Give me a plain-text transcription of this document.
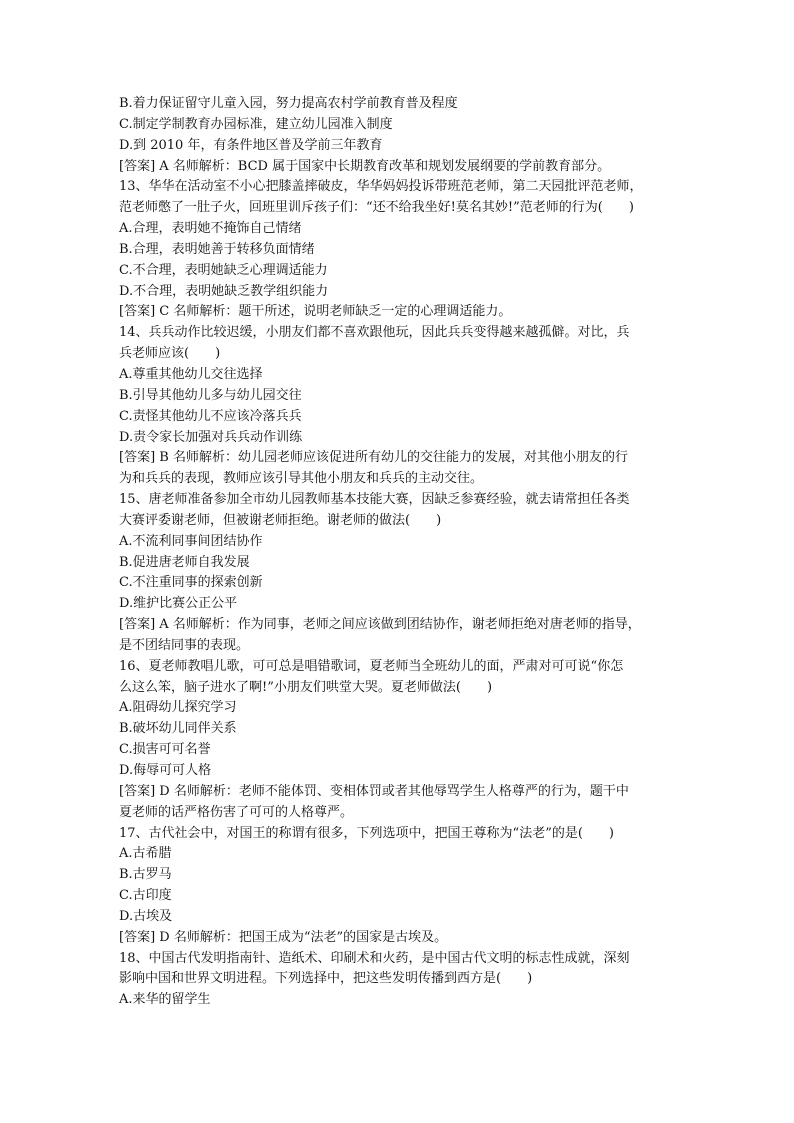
B.着力保证留守儿童入园，努力提高农村学前教育普及程度
C.制定学制教育办园标准，建立幼儿园准入制度
D.到 2010 年，有条件地区普及学前三年教育
[答案] A 名师解析：BCD 属于国家中长期教育改革和规划发展纲要的学前教育部分。
13、华华在活动室不小心把膝盖摔破皮，华华妈妈投诉带班范老师，第二天园批评范老师，
范老师憋了一肚子火，回班里训斥孩子们：“还不给我坐好!莫名其妙!”范老师的行为(　　)
A.合理，表明她不掩饰自己情绪
B.合理，表明她善于转移负面情绪
C.不合理，表明她缺乏心理调适能力
D.不合理，表明她缺乏教学组织能力
[答案] C 名师解析：题干所述，说明老师缺乏一定的心理调适能力。
14、兵兵动作比较迟缓，小朋友们都不喜欢跟他玩，因此兵兵变得越来越孤僻。对比，兵
兵老师应该(　　)
A.尊重其他幼儿交往选择
B.引导其他幼儿多与幼儿园交往
C.责怪其他幼儿不应该冷落兵兵
D.责令家长加强对兵兵动作训练
[答案] B 名师解析：幼儿园老师应该促进所有幼儿的交往能力的发展，对其他小朋友的行
为和兵兵的表现，教师应该引导其他小朋友和兵兵的主动交往。
15、唐老师准备参加全市幼儿园教师基本技能大赛，因缺乏参赛经验，就去请常担任各类
大赛评委谢老师，但被谢老师拒绝。谢老师的做法(　　)
A.不流利同事间团结协作
B.促进唐老师自我发展
C.不注重同事的探索创新
D.维护比赛公正公平
[答案] A 名师解析：作为同事，老师之间应该做到团结协作，谢老师拒绝对唐老师的指导，
是不团结同事的表现。
16、夏老师教唱儿歌，可可总是唱错歌词，夏老师当全班幼儿的面，严肃对可可说“你怎
么这么笨，脑子进水了啊!”小朋友们哄堂大哭。夏老师做法(　　)
A.阻碍幼儿探究学习
B.破坏幼儿同伴关系
C.损害可可名誉
D.侮辱可可人格
[答案] D 名师解析：老师不能体罚、变相体罚或者其他辱骂学生人格尊严的行为，题干中
夏老师的话严格伤害了可可的人格尊严。
17、古代社会中，对国王的称谓有很多，下列选项中，把国王尊称为“法老”的是(　　)
A.古希腊
B.古罗马
C.古印度
D.古埃及
[答案] D 名师解析：把国王成为“法老”的国家是古埃及。
18、中国古代发明指南针、造纸术、印刷术和火药，是中国古代文明的标志性成就，深刻
影响中国和世界文明进程。下列选择中，把这些发明传播到西方是(　　)
A.来华的留学生
